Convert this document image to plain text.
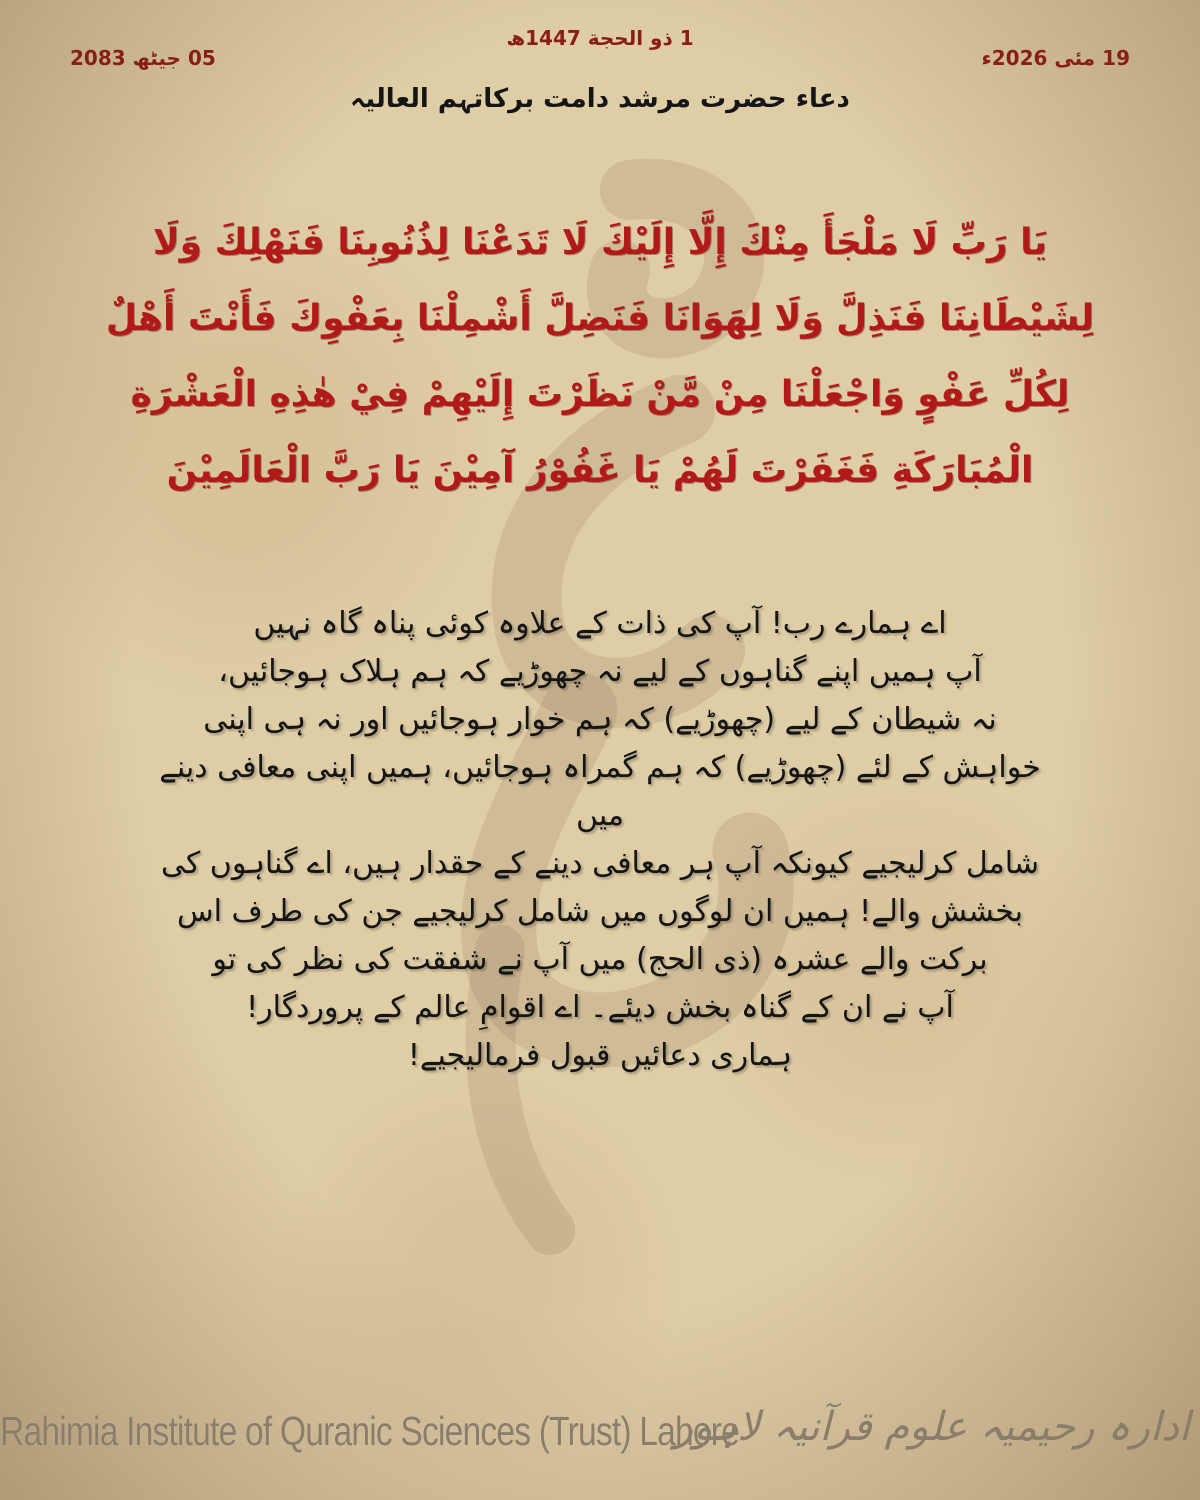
19 مئی 2026ء
05 جیٹھ 2083
1 ذو الحجة 1447ھ
دعاء حضرت مرشد دامت برکاتہم العالیہ
يَا رَبِّ لَا مَلْجَأَ مِنْكَ إِلَّا إِلَيْكَ لَا تَدَعْنَا لِذُنُوبِنَا فَنَهْلِكَ وَلَا لِشَيْطَانِنَا فَنَذِلَّ وَلَا لِهَوَانَا فَنَضِلَّ أَشْمِلْنَا بِعَفْوِكَ فَأَنْتَ أَهْلٌ لِكُلِّ عَفْوٍ وَاجْعَلْنَا مِنْ مَّنْ نَظَرْتَ إِلَيْهِمْ فِيْ هٰذِهِ الْعَشْرَةِ الْمُبَارَكَةِ فَغَفَرْتَ لَهُمْ يَا غَفُوْرُ آمِيْنَ يَا رَبَّ الْعَالَمِيْنَ
اے ہمارے رب! آپ کی ذات کے علاوہ کوئی پناہ گاہ نہیں
آپ ہمیں اپنے گناہوں کے لیے نہ چھوڑیے کہ ہم ہلاک ہوجائیں،
نہ شیطان کے لیے (چھوڑیے) کہ ہم خوار ہوجائیں اور نہ ہی اپنی
خواہش کے لئے (چھوڑیے) کہ ہم گمراہ ہوجائیں، ہمیں اپنی معافی دینے میں
شامل کرلیجیے کیونکہ آپ ہر معافی دینے کے حقدار ہیں، اے گناہوں کی
بخشش والے! ہمیں ان لوگوں میں شامل کرلیجیے جن کی طرف اس
برکت والے عشرہ (ذی الحج) میں آپ نے شفقت کی نظر کی تو
آپ نے ان کے گناہ بخش دیئے۔ اے اقوامِ عالم کے پروردگار!
ہماری دعائیں قبول فرمالیجیے!
Rahimia Institute of Quranic Sciences (Trust) Lahore
ادارہ رحیمیہ علوم قرآنیہ لاہور
